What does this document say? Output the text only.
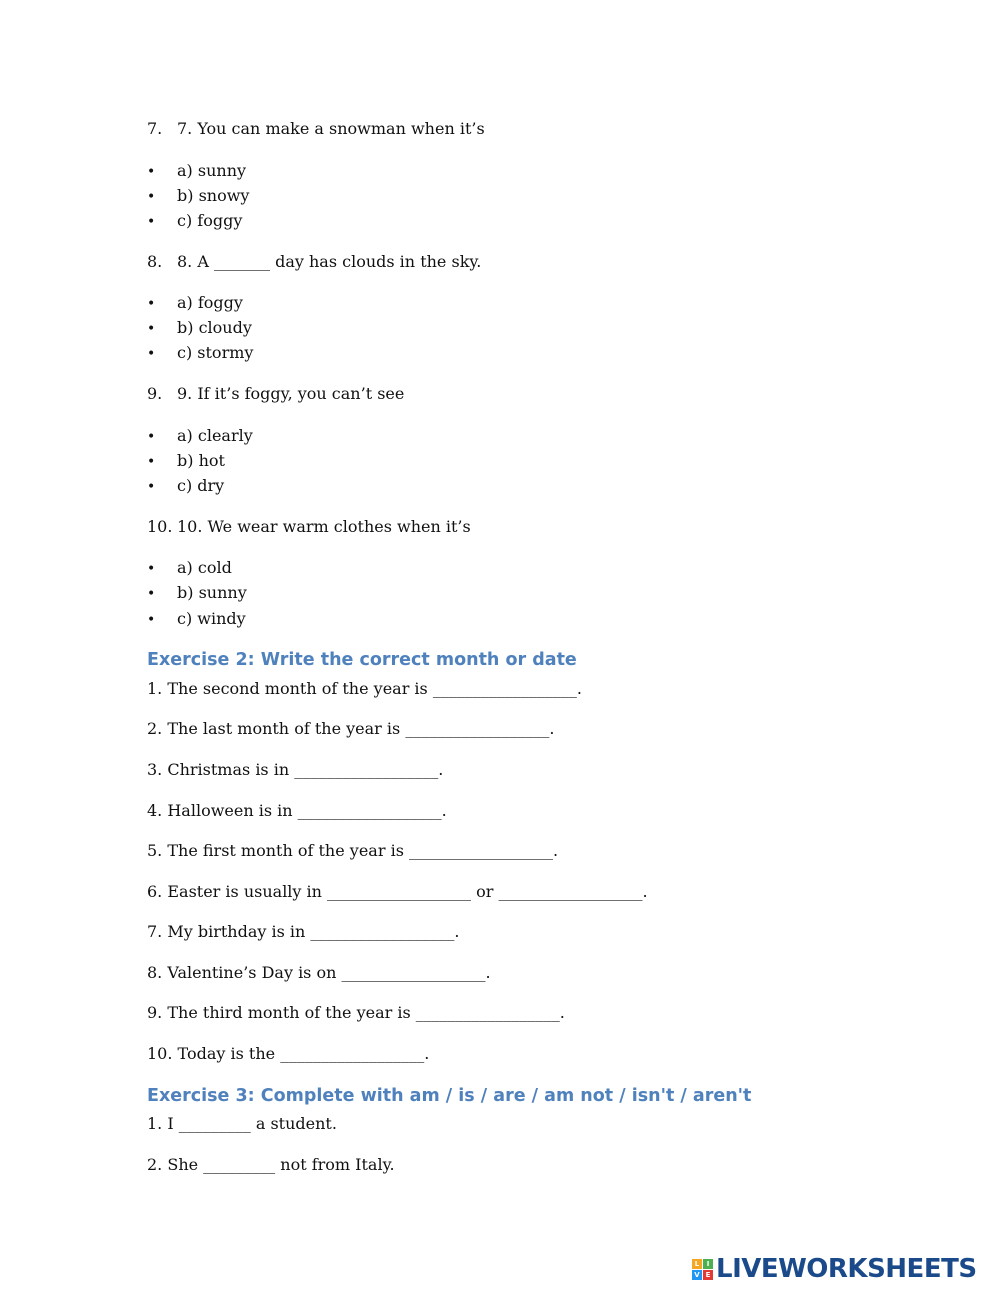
7. 7. You can make a snowman when it’s
• a) sunny
• b) snowy
• c) foggy
8. 8. A _______ day has clouds in the sky.
• a) foggy
• b) cloudy
• c) stormy
9. 9. If it’s foggy, you can’t see
• a) clearly
• b) hot
• c) dry
10. 10. We wear warm clothes when it’s
• a) cold
• b) sunny
• c) windy
Exercise 2: Write the correct month or date
1. The second month of the year is __________________.
2. The last month of the year is __________________.
3. Christmas is in __________________.
4. Halloween is in __________________.
5. The first month of the year is __________________.
6. Easter is usually in __________________ or __________________.
7. My birthday is in __________________.
8. Valentine’s Day is on __________________.
9. The third month of the year is __________________.
10. Today is the __________________.
Exercise 3: Complete with am / is / are / am not / isn't / aren't
1. I _________ a student.
2. She _________ not from Italy.
L	I
V E LIVEWORKSHEETS
